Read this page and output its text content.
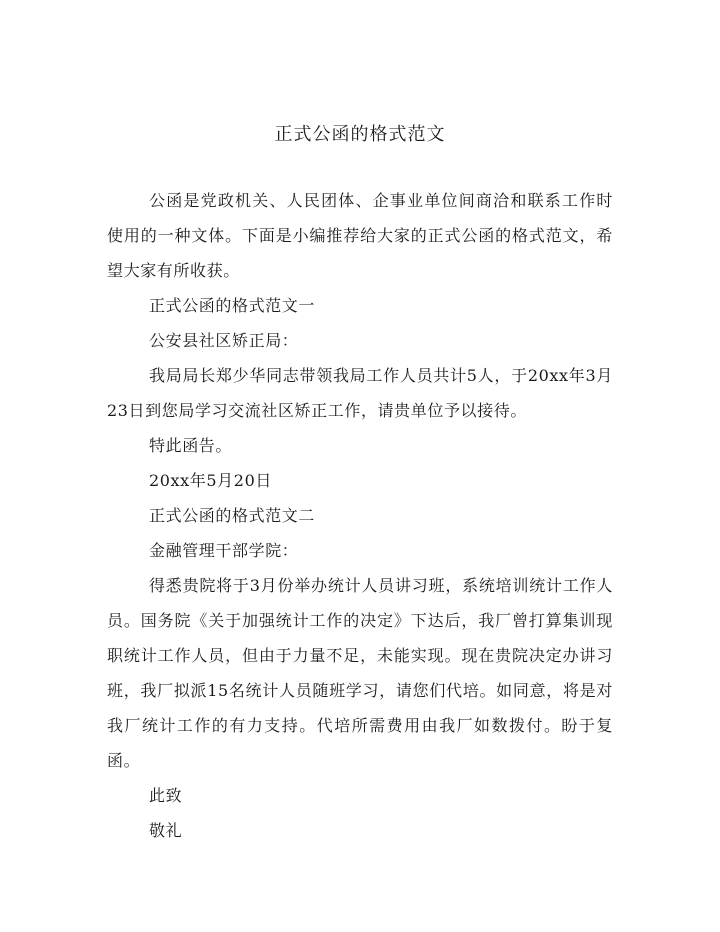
正式公函的格式范文

公函是党政机关、人民团体、企事业单位间商洽和联系工作时使用的一种文体。下面是小编推荐给大家的正式公函的格式范文，希望大家有所收获。

正式公函的格式范文一

公安县社区矫正局：

我局局长郑少华同志带领我局工作人员共计5人，于20xx年3月23日到您局学习交流社区矫正工作，请贵单位予以接待。

特此函告。

20xx年5月20日

正式公函的格式范文二

金融管理干部学院：

得悉贵院将于3月份举办统计人员讲习班，系统培训统计工作人员。国务院《关于加强统计工作的决定》下达后，我厂曾打算集训现职统计工作人员，但由于力量不足，未能实现。现在贵院决定办讲习班，我厂拟派15名统计人员随班学习，请您们代培。如同意，将是对我厂统计工作的有力支持。代培所需费用由我厂如数拨付。盼于复函。

此致

敬礼
